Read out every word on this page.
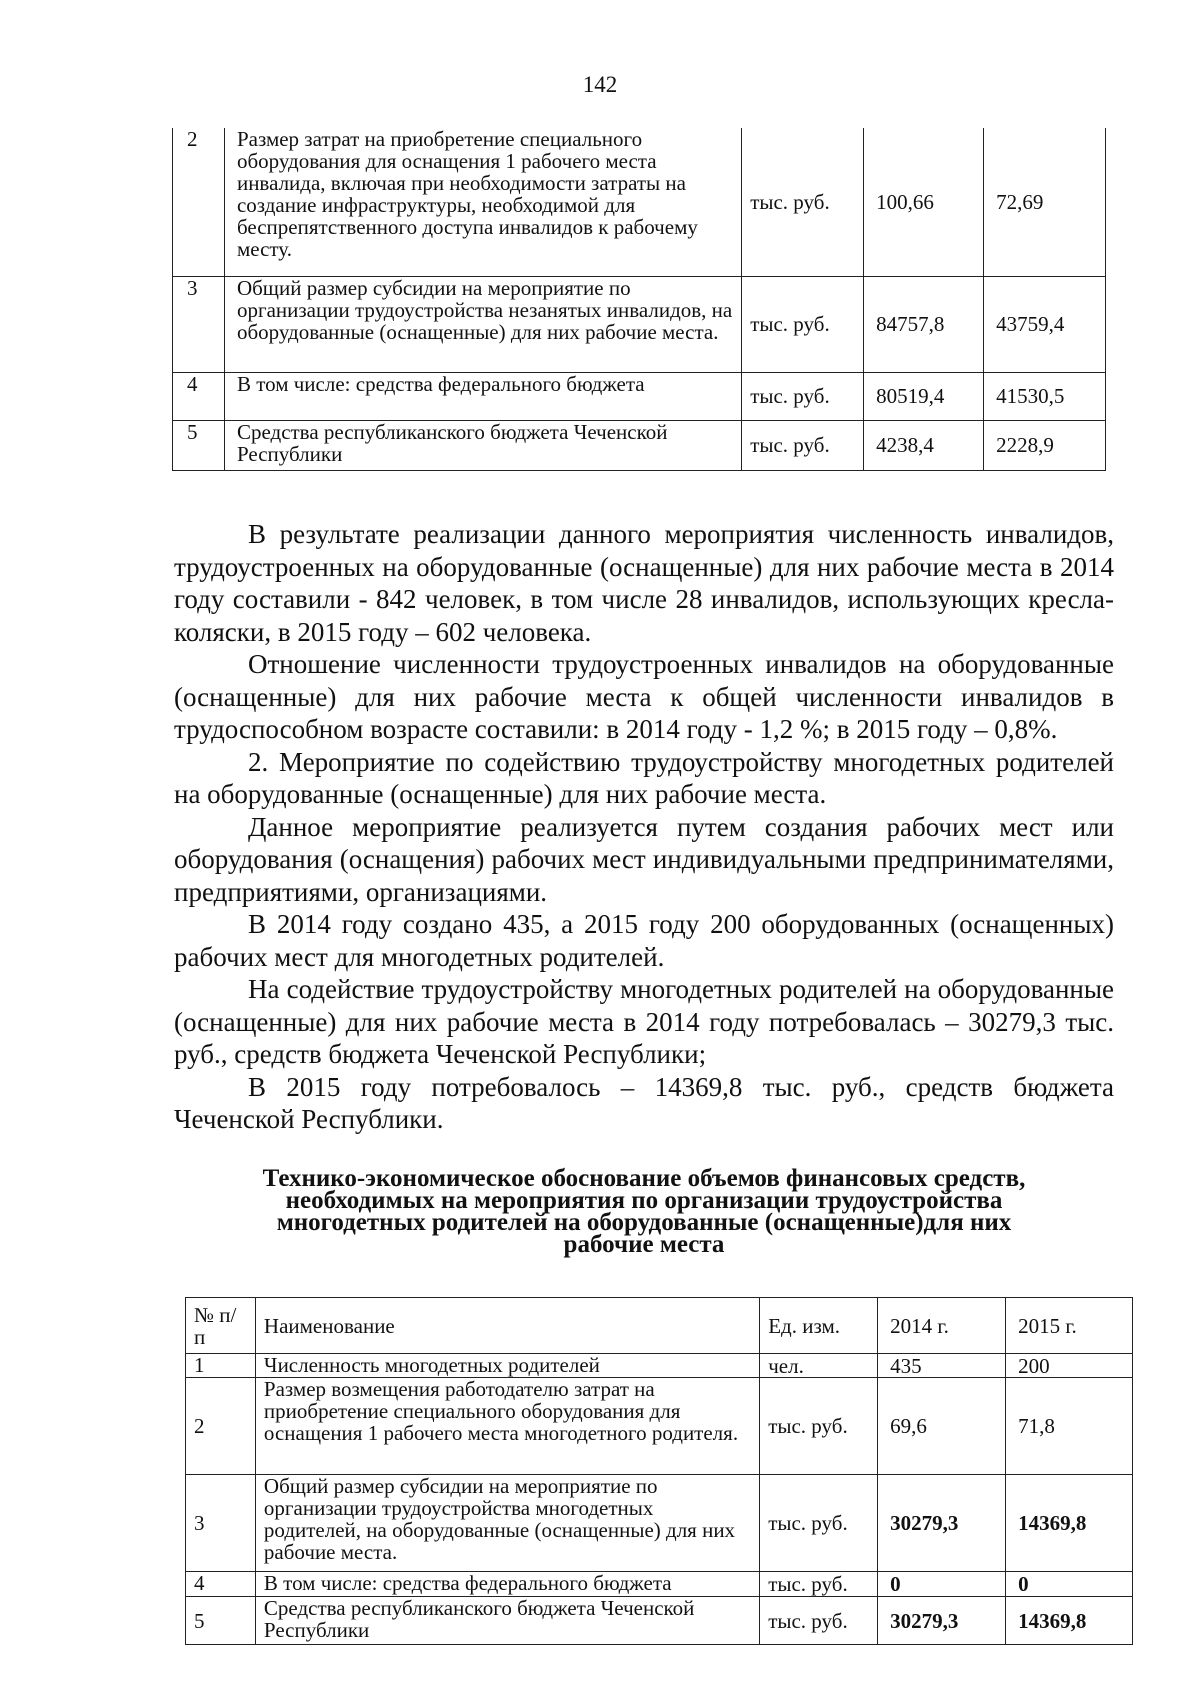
142
2	Размер затрат на приобретение специального оборудования для оснащения 1 рабочего места инвалида, включая при необходимости затраты на создание инфраструктуры, необходимой для беспрепятственного доступа инвалидов к рабочему месту.	тыс. руб.	100,66	72,69
3	Общий размер субсидии на мероприятие по организации трудоустройства незанятых инвалидов, на оборудованные (оснащенные) для них рабочие места.	тыс. руб.	84757,8	43759,4
4	В том числе: средства федерального бюджета	тыс. руб.	80519,4	41530,5
5	Средства республиканского бюджета Чеченской Республики	тыс. руб.	4238,4	2228,9

В результате реализации данного мероприятия численность инвалидов, трудоустроенных на оборудованные (оснащенные) для них рабочие места в 2014 году составили - 842 человек, в том числе 28 инвалидов, использующих кресла-коляски, в 2015 году – 602 человека.

Отношение численности трудоустроенных инвалидов на оборудованные (оснащенные) для них рабочие места к общей численности инвалидов в трудоспособном возрасте составили: в 2014 году - 1,2 %; в 2015 году – 0,8%.

2. Мероприятие по содействию трудоустройству многодетных родителей на оборудованные (оснащенные) для них рабочие места.

Данное мероприятие реализуется путем создания рабочих мест или оборудования (оснащения) рабочих мест индивидуальными предпринимателями, предприятиями, организациями.

В 2014 году создано 435, а 2015 году 200 оборудованных (оснащенных) рабочих мест для многодетных родителей.

На содействие трудоустройству многодетных родителей на оборудованные (оснащенные) для них рабочие места в 2014 году потребовалась – 30279,3 тыс. руб., средств бюджета Чеченской Республики;

В 2015 году потребовалось – 14369,8 тыс. руб., средств бюджета Чеченской Республики.

Технико-экономическое обоснование объемов финансовых средств,
необходимых на мероприятия по организации трудоустройства
многодетных родителей на оборудованные (оснащенные)для них
рабочие места
№ п/п	Наименование	Ед. изм.	2014 г.	2015 г.
1	Численность многодетных родителей	чел.	435	200
2	Размер возмещения работодателю затрат на приобретение специального оборудования для оснащения 1 рабочего места многодетного родителя.	тыс. руб.	69,6	71,8
3	Общий размер субсидии на мероприятие по организации трудоустройства многодетных родителей, на оборудованные (оснащенные) для них рабочие места.	тыс. руб.	30279,3	14369,8
4	В том числе: средства федерального бюджета	тыс. руб.	0	0
5	Средства республиканского бюджета Чеченской Республики	тыс. руб.	30279,3	14369,8
